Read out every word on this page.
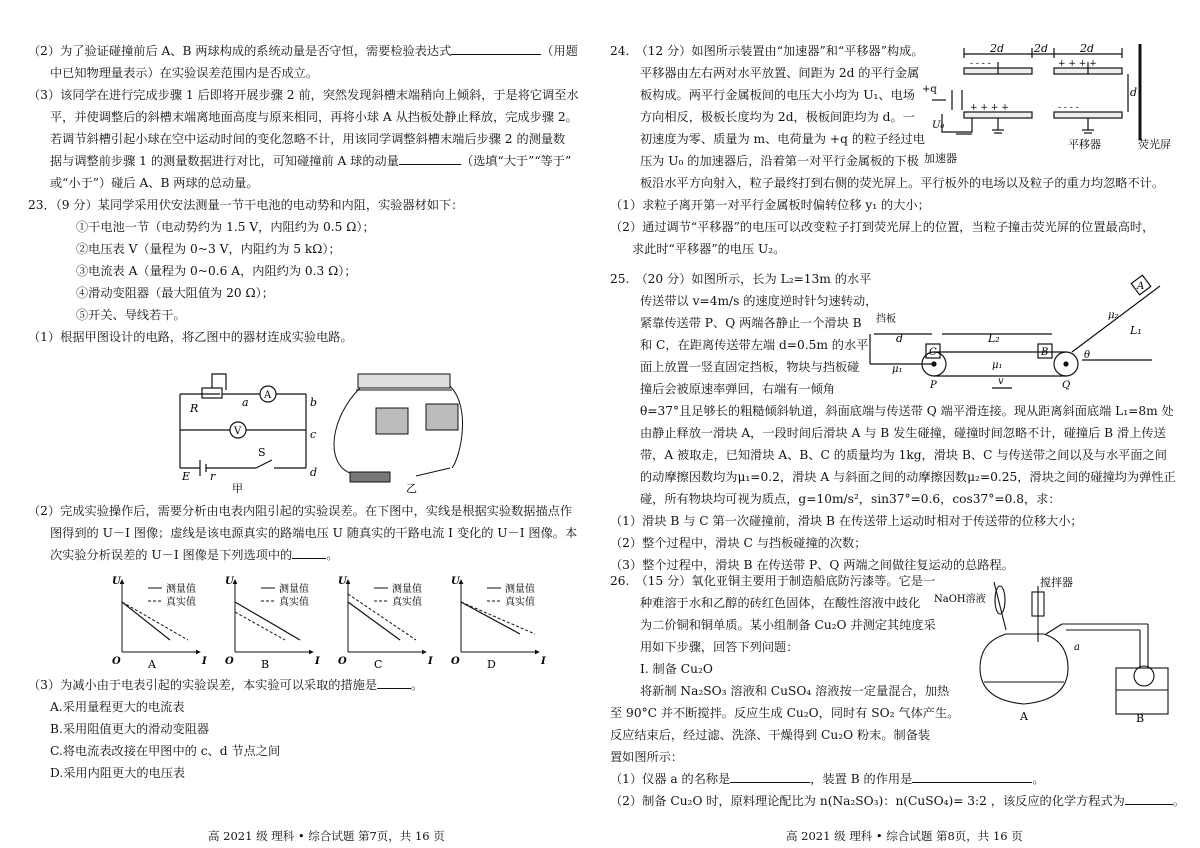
（2）为了验证碰撞前后 A、B 两球构成的系统动量是否守恒，需要检验表达式	（用题

中已知物理量表示）在实验误差范围内是否成立。

（3）该同学在进行完成步骤 1 后即将开展步骤 2 前，突然发现斜槽末端稍向上倾斜，于是将它调至水

平，并使调整后的斜槽末端离地面高度与原来相同，再将小球 A 从挡板处静止释放，完成步骤 2。

若调节斜槽引起小球在空中运动时间的变化忽略不计，用该同学调整斜槽末端后步骤 2 的测量数

据与调整前步骤 1 的测量数据进行对比，可知碰撞前 A 球的动量	（选填“大于”“等于”

或“小于”）碰后 A、B 两球的总动量。

23．（9 分）某同学采用伏安法测量一节干电池的电动势和内阻，实验器材如下：

①干电池一节（电动势约为 1.5 V，内阻约为 0.5 Ω）；

②电压表 V（量程为 0~3 V，内阻约为 5 kΩ）；

③电流表 A（量程为 0~0.6 A，内阻约为 0.3 Ω）；

④滑动变阻器（最大阻值为 20 Ω）；

⑤开关、导线若干。

（1）根据甲图设计的电路，将乙图中的器材连成实验电路。

R	a	b
c
d
A
V
E r
S
甲	乙

（2）完成实验操作后，需要分析由电表内阻引起的实验误差。在下图中，实线是根据实验数据描点作

图得到的 U－I 图像；虚线是该电源真实的路端电压 U 随真实的干路电流 I 变化的 U－I 图像。本

次实验分析误差的 U－I 图像是下列选项中的	。

测量值
真实值
测量值
真实值
测量值
真实值
测量值
真实值
U
I
O
U
I
O
U
I
O
U
I
O
A	B	C	D

（3）为减小由于电表引起的实验误差，本实验可以采取的措施是	。

A.采用量程更大的电流表

B.采用阻值更大的滑动变阻器

C.将电流表改接在甲图中的 c、d 节点之间

D.采用内阻更大的电压表

高 2021 级 理科 • 综合试题 第7页，共 16 页

24.　（12 分）如图所示装置由“加速器”和“平移器”构成。

平移器由左右两对水平放置、间距为 2d 的平行金属

板构成。两平行金属板间的电压大小均为 U₁、电场

方向相反，极板长度均为 2d，极板间距均为 d。一

初速度为零、质量为 m、电荷量为 +q 的粒子经过电

压为 U₀ 的加速器后，沿着第一对平行金属板的下极

板沿水平方向射入，粒子最终打到右侧的荧光屏上。平行板外的电场以及粒子的重力均忽略不计。

（1）求粒子离开第一对平行金属板时偏转位移 y₁ 的大小；

（2）通过调节“平移器”的电压可以改变粒子打到荧光屏上的位置，当粒子撞击荧光屏的位置最高时，

求此时“平移器”的电压 U₂。

2d	2d	2d
d
+q
U₀
加速器
平移器	荧光屏
- - - -
+ + + +
+ + + +
- - - -

25.　（20 分）如图所示，长为 L₂=13m 的水平

传送带以 v=4m/s 的速度逆时针匀速转动，

紧靠传送带 P、Q 两端各静止一个滑块 B

和 C，在距离传送带左端 d=0.5m 的水平

面上放置一竖直固定挡板，物块与挡板碰

撞后会被原速率弹回，右端有一倾角

θ=37°且足够长的粗糙倾斜轨道，斜面底端与传送带 Q 端平滑连接。现从距离斜面底端 L₁=8m 处

由静止释放一滑块 A，一段时间后滑块 A 与 B 发生碰撞，碰撞时间忽略不计，碰撞后 B 滑上传送

带，A 被取走，已知滑块 A、B、C 的质量均为 1kg，滑块 B、C 与传送带之间以及与水平面之间

的动摩擦因数均为μ₁=0.2，滑块 A 与斜面之间的动摩擦因数μ₂=0.25，滑块之间的碰撞均为弹性正

碰，所有物块均可视为质点，g=10m/s²，sin37°=0.6，cos37°=0.8，求：

（1）滑块 B 与 C 第一次碰撞前，滑块 B 在传送带上运动时相对于传送带的位移大小；

（2）整个过程中，滑块 C 与挡板碰撞的次数；

（3）整个过程中，滑块 B 在传送带 P、Q 两端之间做往复运动的总路程。

挡板
d	L₂
L₁
A
B
C
P	Q
v
μ₁	μ₁
μ₂
θ

26.　（15 分）氧化亚铜主要用于制造船底防污漆等。它是一

种难溶于水和乙醇的砖红色固体，在酸性溶液中歧化

为二价铜和铜单质。某小组制备 Cu₂O 并测定其纯度采

用如下步骤，回答下列问题：

Ⅰ. 制备 Cu₂O

将新制 Na₂SO₃ 溶液和 CuSO₄ 溶液按一定量混合，加热

至 90°C 并不断搅拌。反应生成 Cu₂O，同时有 SO₂ 气体产生。

反应结束后，经过滤、洗涤、干燥得到 Cu₂O 粉末。制备装

置如图所示：

（1）仪器 a 的名称是	，装置 B 的作用是	。

（2）制备 Cu₂O 时，原料理论配比为 n(Na₂SO₃)：n(CuSO₄)= 3:2 ，该反应的化学方程式为	。

搅拌器
NaOH溶液
a
A	B
高 2021 级 理科 • 综合试题 第8页，共 16 页
